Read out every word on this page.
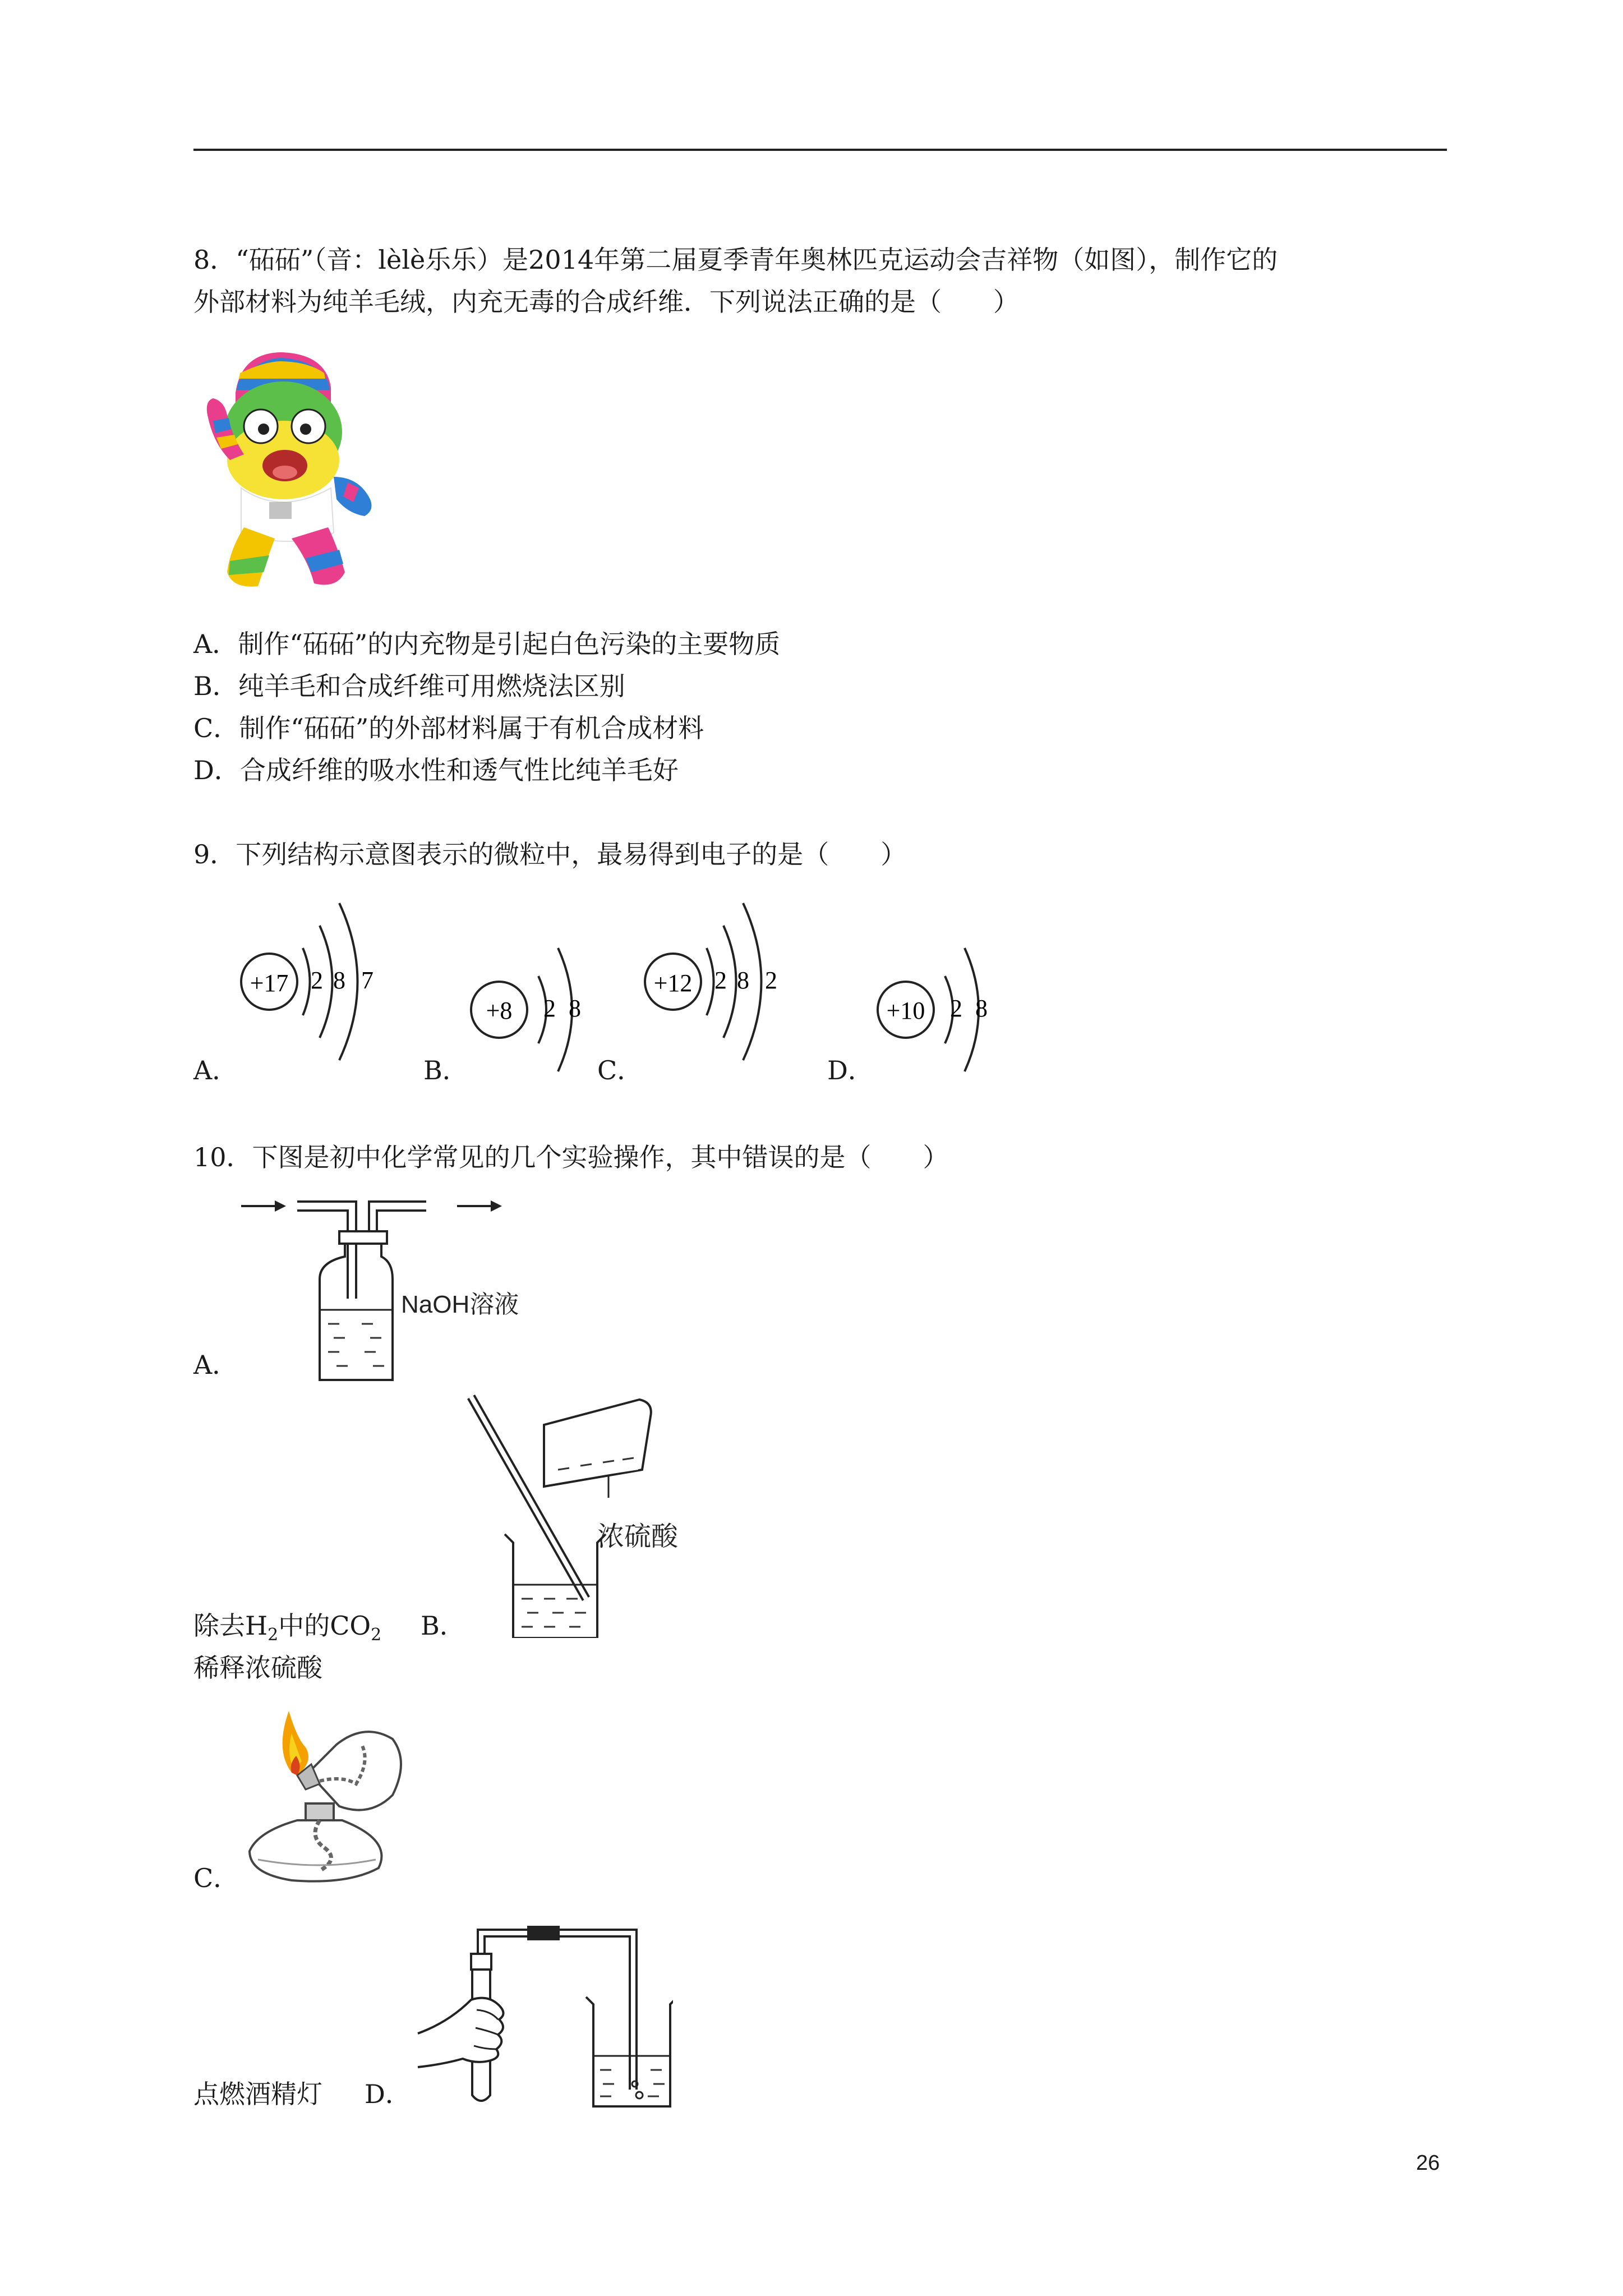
8．“砳砳”（音：lèlè乐乐）是2014年第二届夏季青年奥林匹克运动会吉祥物（如图），制作它的
外部材料为纯羊毛绒，内充无毒的合成纤维．下列说法正确的是（　　）
A．制作“砳砳”的内充物是引起白色污染的主要物质
B．纯羊毛和合成纤维可用燃烧法区别
C．制作“砳砳”的外部材料属于有机合成材料
D．合成纤维的吸水性和透气性比纯羊毛好
9．下列结构示意图表示的微粒中，最易得到电子的是（　　）
+17 2 8 7
A．
+8 2 8
B．
+12 2 8 2
C．
+10 2 8
D．
10．下图是初中化学常见的几个实验操作，其中错误的是（　　）
NaOH溶液
A．
浓硫酸
除去$H_2$中的$CO_2$ B．
稀释浓硫酸
C．
点燃酒精灯 D．
26
